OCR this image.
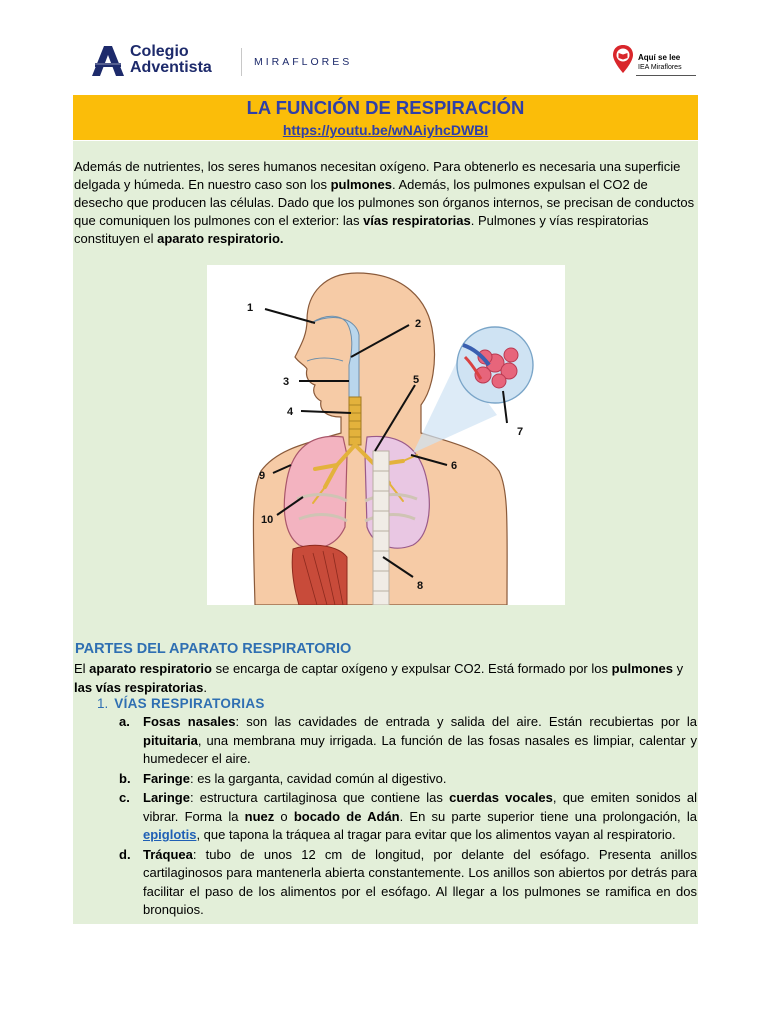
Colegio
Adventista	MIRAFLORES	Aquí se lee
IEA Miraflores
LA FUNCIÓN DE RESPIRACIÓN
https://youtu.be/wNAiyhcDWBI
Además de nutrientes, los seres humanos necesitan oxígeno. Para obtenerlo es necesaria una superficie delgada y húmeda. En nuestro caso son los pulmones. Además, los pulmones expulsan el CO2 de desecho que producen las células. Dado que los pulmones son órganos internos, se precisan de conductos que comuniquen los pulmones con el exterior: las vías respiratorias. Pulmones y vías respiratorias constituyen el aparato respiratorio.
1
2
3
4
5
6
7
8
9
10
PARTES DEL APARATO RESPIRATORIO
El aparato respiratorio se encarga de captar oxígeno y expulsar CO2. Está formado por los pulmones y las vías respiratorias.
1. VÍAS RESPIRATORIAS
a. Fosas nasales: son las cavidades de entrada y salida del aire. Están recubiertas por la pituitaria, una membrana muy irrigada. La función de las fosas nasales es limpiar, calentar y humedecer el aire.
b. Faringe: es la garganta, cavidad común al digestivo.
c. Laringe: estructura cartilaginosa que contiene las cuerdas vocales, que emiten sonidos al vibrar. Forma la nuez o bocado de Adán. En su parte superior tiene una prolongación, la epiglotis, que tapona la tráquea al tragar para evitar que los alimentos vayan al respiratorio.
d. Tráquea: tubo de unos 12 cm de longitud, por delante del esófago. Presenta anillos cartilaginosos para mantenerla abierta constantemente. Los anillos son abiertos por detrás para facilitar el paso de los alimentos por el esófago. Al llegar a los pulmones se ramifica en dos bronquios.
